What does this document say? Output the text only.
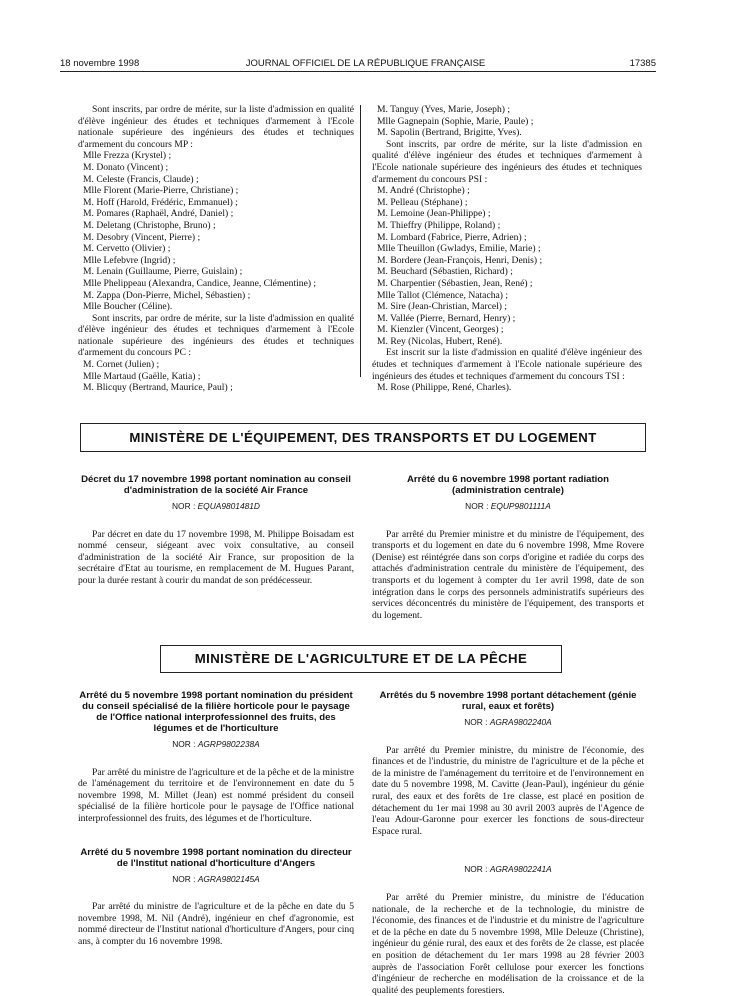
18 novembre 1998	JOURNAL OFFICIEL DE LA RÉPUBLIQUE FRANÇAISE	17385

Sont inscrits, par ordre de mérite, sur la liste d'admission en qualité d'élève ingénieur des études et techniques d'armement à l'Ecole nationale supérieure des ingénieurs des études et techniques d'armement du concours MP :

Mlle Frezza (Krystel) ;

M. Donato (Vincent) ;

M. Celeste (Francis, Claude) ;

Mlle Florent (Marie-Pierre, Christiane) ;

M. Hoff (Harold, Frédéric, Emmanuel) ;

M. Pomares (Raphaël, André, Daniel) ;

M. Deletang (Christophe, Bruno) ;

M. Desobry (Vincent, Pierre) ;

M. Cervetto (Olivier) ;

Mlle Lefebvre (Ingrid) ;

M. Lenain (Guillaume, Pierre, Guislain) ;

Mlle Phelippeau (Alexandra, Candice, Jeanne, Clémentine) ;

M. Zappa (Don-Pierre, Michel, Sébastien) ;

Mlle Boucher (Céline).

Sont inscrits, par ordre de mérite, sur la liste d'admission en qualité d'élève ingénieur des études et techniques d'armement à l'Ecole nationale supérieure des ingénieurs des études et techniques d'armement du concours PC :

M. Cornet (Julien) ;

Mlle Martaud (Gaëlle, Katia) ;

M. Blicquy (Bertrand, Maurice, Paul) ;

M. Tanguy (Yves, Marie, Joseph) ;

Mlle Gagnepain (Sophie, Marie, Paule) ;

M. Sapolin (Bertrand, Brigitte, Yves).

Sont inscrits, par ordre de mérite, sur la liste d'admission en qualité d'élève ingénieur des études et techniques d'armement à l'Ecole nationale supérieure des ingénieurs des études et techniques d'armement du concours PSI :

M. André (Christophe) ;

M. Pelleau (Stéphane) ;

M. Lemoine (Jean-Philippe) ;

M. Thieffry (Philippe, Roland) ;

M. Lombard (Fabrice, Pierre, Adrien) ;

Mlle Theuillon (Gwladys, Emilie, Marie) ;

M. Bordere (Jean-François, Henri, Denis) ;

M. Beuchard (Sébastien, Richard) ;

M. Charpentier (Sébastien, Jean, René) ;

Mlle Tallot (Clémence, Natacha) ;

M. Sire (Jean-Christian, Marcel) ;

M. Vallée (Pierre, Bernard, Henry) ;

M. Kienzler (Vincent, Georges) ;

M. Rey (Nicolas, Hubert, René).

Est inscrit sur la liste d'admission en qualité d'élève ingénieur des études et techniques d'armement à l'Ecole nationale supérieure des ingénieurs des études et techniques d'armement du concours TSI :

M. Rose (Philippe, René, Charles).

MINISTÈRE DE L'ÉQUIPEMENT, DES TRANSPORTS ET DU LOGEMENT
Décret du 17 novembre 1998 portant nomination au conseil d'administration de la société Air France
NOR : EQUA9801481D

Par décret en date du 17 novembre 1998, M. Philippe Boisadam est nommé censeur, siégeant avec voix consultative, au conseil d'administration de la société Air France, sur proposition de la secrétaire d'Etat au tourisme, en remplacement de M. Hugues Parant, pour la durée restant à courir du mandat de son prédécesseur.

Arrêté du 6 novembre 1998 portant radiation (administration centrale)
NOR : EQUP9801111A

Par arrêté du Premier ministre et du ministre de l'équipement, des transports et du logement en date du 6 novembre 1998, Mme Rovere (Denise) est réintégrée dans son corps d'origine et radiée du corps des attachés d'administration centrale du ministère de l'équipement, des transports et du logement à compter du 1er avril 1998, date de son intégration dans le corps des personnels administratifs supérieurs des services déconcentrés du ministère de l'équipement, des transports et du logement.

MINISTÈRE DE L'AGRICULTURE ET DE LA PÊCHE
Arrêté du 5 novembre 1998 portant nomination du président du conseil spécialisé de la filière horticole pour le paysage de l'Office national interprofessionnel des fruits, des légumes et de l'horticulture
NOR : AGRP9802238A

Par arrêté du ministre de l'agriculture et de la pêche et de la ministre de l'aménagement du territoire et de l'environnement en date du 5 novembre 1998, M. Millet (Jean) est nommé président du conseil spécialisé de la filière horticole pour le paysage de l'Office national interprofessionnel des fruits, des légumes et de l'horticulture.

Arrêté du 5 novembre 1998 portant nomination du directeur de l'Institut national d'horticulture d'Angers
NOR : AGRA9802145A

Par arrêté du ministre de l'agriculture et de la pêche en date du 5 novembre 1998, M. Nil (André), ingénieur en chef d'agronomie, est nommé directeur de l'Institut national d'horticulture d'Angers, pour cinq ans, à compter du 16 novembre 1998.

Arrêtés du 5 novembre 1998 portant détachement (génie rural, eaux et forêts)
NOR : AGRA9802240A

Par arrêté du Premier ministre, du ministre de l'économie, des finances et de l'industrie, du ministre de l'agriculture et de la pêche et de la ministre de l'aménagement du territoire et de l'environnement en date du 5 novembre 1998, M. Cavitte (Jean-Paul), ingénieur du génie rural, des eaux et des forêts de 1re classe, est placé en position de détachement du 1er mai 1998 au 30 avril 2003 auprès de l'Agence de l'eau Adour-Garonne pour exercer les fonctions de sous-directeur Espace rural.

NOR : AGRA9802241A

Par arrêté du Premier ministre, du ministre de l'éducation nationale, de la recherche et de la technologie, du ministre de l'économie, des finances et de l'industrie et du ministre de l'agriculture et de la pêche en date du 5 novembre 1998, Mlle Deleuze (Christine), ingénieur du génie rural, des eaux et des forêts de 2e classe, est placée en position de détachement du 1er mars 1998 au 28 février 2003 auprès de l'association Forêt cellulose pour exercer les fonctions d'ingénieur de recherche en modélisation de la croissance et de la qualité des peuplements forestiers.
